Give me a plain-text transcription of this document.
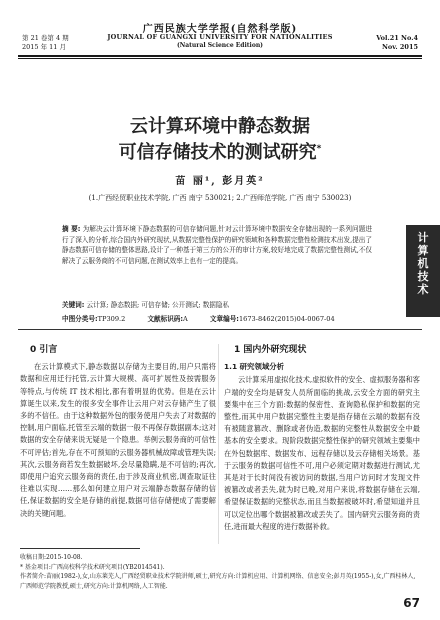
广西民族大学学报(自然科学版)
JOURNAL OF GUANGXI UNIVERSITY FOR NATIONALITIES
(Natural Science Edition)
第 21 卷第 4 期
2015 年 11 月
Vol.21 No.4
Nov. 2015
云计算环境中静态数据
可信存储技术的测试研究*
苗 丽¹, 彭月英²
(1.广西经贸职业技术学院, 广西 南宁 530021; 2.广西师范学院, 广西 南宁 530023)
摘 要: 为解决云计算环境下静态数据的可信存储问题,针对云计算环境中数据安全存储出现的一系列问题进行了深入的分析,综合国内外研究现状,从数据完整性保护的研究领域和各种数据完整性检测技术出发,提出了静态数据可信存储的整体思路,设计了一种基于第三方的公开的审计方案,较好地完成了数据完整性测试,不仅解决了云服务商的不可信问题,在测试效率上也有一定的提高。
关键词: 云计算; 静态数据; 可信存储; 公开测试; 数据隐私
中图分类号:TP309.2	文献标识码:A	文章编号:1673-8462(2015)04-0067-04
计
算
机
技
术
0 引言

在云计算模式下,静态数据以存储为主要目的,用户只需将数据和应用迁行托管,云计算大规模、高可扩展性及按需服务等特点,与传统 IT 技术相比,都有着明显的优势。但是在云计算诞生以来,发生的很多安全事件让云用户对云存储产生了很多的不信任。由于这种数据外包的服务使用户失去了对数据的控制,用户面临,托管至云端的数据一般不再保存数据副本;这对数据的安全存储来说无疑是一个隐患。举例云服务商的可信性不可评估;首先,存在不可预知的云服务器机械故障或管理失误;其次,云服务商若发生数据破坏,会尽量隐瞒,是不可信的;再次,即使用户追究云服务商的责任,由于涉及商业机密,调查取证往往难以实现……那么如何建立用户对云端静态数据存储的信任,保证数据的安全是存储的前提,数据可信存储便成了需要解决的关键问题。

1 国内外研究现状
1.1 研究领域分析

云计算采用虚拟化技术,虚拟软件的安全、虚拟服务器和客户端的安全均是研发人员所面临的挑战,云安全方面的研究主要集中在三个方面:数据的保密性、查询隐私保护和数据的完整性,而其中用户数据完整性主要是指存储在云端的数据有没有被随意篡改、删除或者伪造,数据的完整性从数据安全中最基本的安全要求。现阶段数据完整性保护的研究领域主要集中在外包数据库、数据发布、远程存储以及云存储相关场景。基于云服务的数据可信性不可,用户必须定期对数据进行测试,尤其是对于长时间没有被访问的数据,当用户访问时才发现文件被篡改或者丢失,就为时已晚,对用户来说,将数据存储在云端,希望保证数据的完整状态,而且当数据被破坏时,希望知道并且可以定位出哪个数据被篡改或丢失了。国内研究云服务商的责任,进而最大程度的进行数据补救。

收稿日期:2015-10-08.
* 基金项目:广西高校科学技术研究项目(YB2014541).
作者简介:苗丽(1982-),女,山东莱芜人,广西经贸职业技术学院讲师,硕士,研究方向:计算机应用、计算机网络、信息安全;彭月英(1955-),女,广西桂林人,广西师范学院教授,硕士,研究方向:计算机网络,人工智能.
67
